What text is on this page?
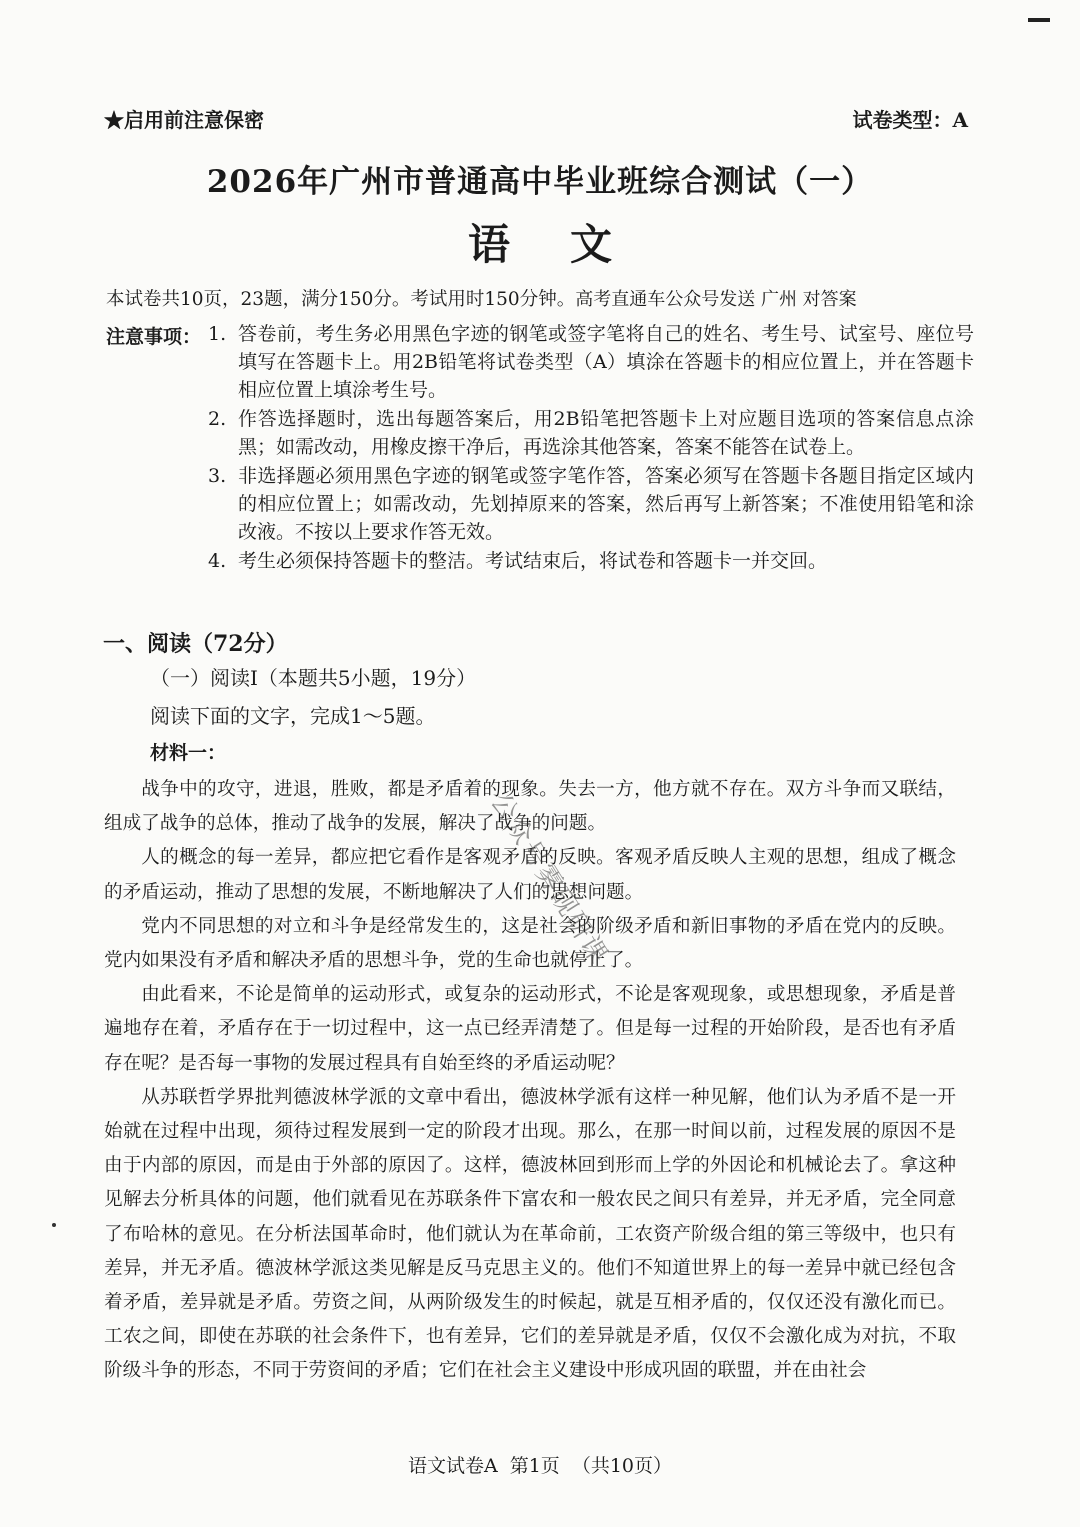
★启用前注意保密	试卷类型：A
2026年广州市普通高中毕业班综合测试（一）
语文
本试卷共10页，23题，满分150分。考试用时150分钟。高考直通车公众号发送 广州 对答案
注意事项： 1. 答卷前，考生务必用黑色字迹的钢笔或签字笔将自己的姓名、考生号、试室号、座位号填写在答题卡上。用2B铅笔将试卷类型（A）填涂在答题卡的相应位置上，并在答题卡相应位置上填涂考生号。
2. 作答选择题时，选出每题答案后，用2B铅笔把答题卡上对应题目选项的答案信息点涂黑；如需改动，用橡皮擦干净后，再选涂其他答案，答案不能答在试卷上。
3. 非选择题必须用黑色字迹的钢笔或签字笔作答，答案必须写在答题卡各题目指定区域内的相应位置上；如需改动，先划掉原来的答案，然后再写上新答案；不准使用铅笔和涂改液。不按以上要求作答无效。
4. 考生必须保持答题卡的整洁。考试结束后，将试卷和答题卡一并交回。
一、阅读（72分）
（一）阅读Ⅰ（本题共5小题，19分）
阅读下面的文字，完成1～5题。
材料一：

战争中的攻守，进退，胜败，都是矛盾着的现象。失去一方，他方就不存在。双方斗争而又联结，组成了战争的总体，推动了战争的发展，解决了战争的问题。

人的概念的每一差异，都应把它看作是客观矛盾的反映。客观矛盾反映人主观的思想，组成了概念的矛盾运动，推动了思想的发展，不断地解决了人们的思想问题。

党内不同思想的对立和斗争是经常发生的，这是社会的阶级矛盾和新旧事物的矛盾在党内的反映。党内如果没有矛盾和解决矛盾的思想斗争，党的生命也就停止了。

由此看来，不论是简单的运动形式，或复杂的运动形式，不论是客观现象，或思想现象，矛盾是普遍地存在着，矛盾存在于一切过程中，这一点已经弄清楚了。但是每一过程的开始阶段，是否也有矛盾存在呢？是否每一事物的发展过程具有自始至终的矛盾运动呢？

从苏联哲学界批判德波林学派的文章中看出，德波林学派有这样一种见解，他们认为矛盾不是一开始就在过程中出现，须待过程发展到一定的阶段才出现。那么，在那一时间以前，过程发展的原因不是由于内部的原因，而是由于外部的原因了。这样，德波林回到形而上学的外因论和机械论去了。拿这种见解去分析具体的问题，他们就看见在苏联条件下富农和一般农民之间只有差异，并无矛盾，完全同意了布哈林的意见。在分析法国革命时，他们就认为在革命前，工农资产阶级合组的第三等级中，也只有差异，并无矛盾。德波林学派这类见解是反马克思主义的。他们不知道世界上的每一差异中就已经包含着矛盾，差异就是矛盾。劳资之间，从两阶级发生的时候起，就是互相矛盾的，仅仅还没有激化而已。工农之间，即使在苏联的社会条件下，也有差异，它们的差异就是矛盾，仅仅不会激化成为对抗，不取阶级斗争的形态，不同于劳资间的矛盾；它们在社会主义建设中形成巩固的联盟，并在由社会

公众号雾砚研课
语文试卷A 第1页 （共10页）
